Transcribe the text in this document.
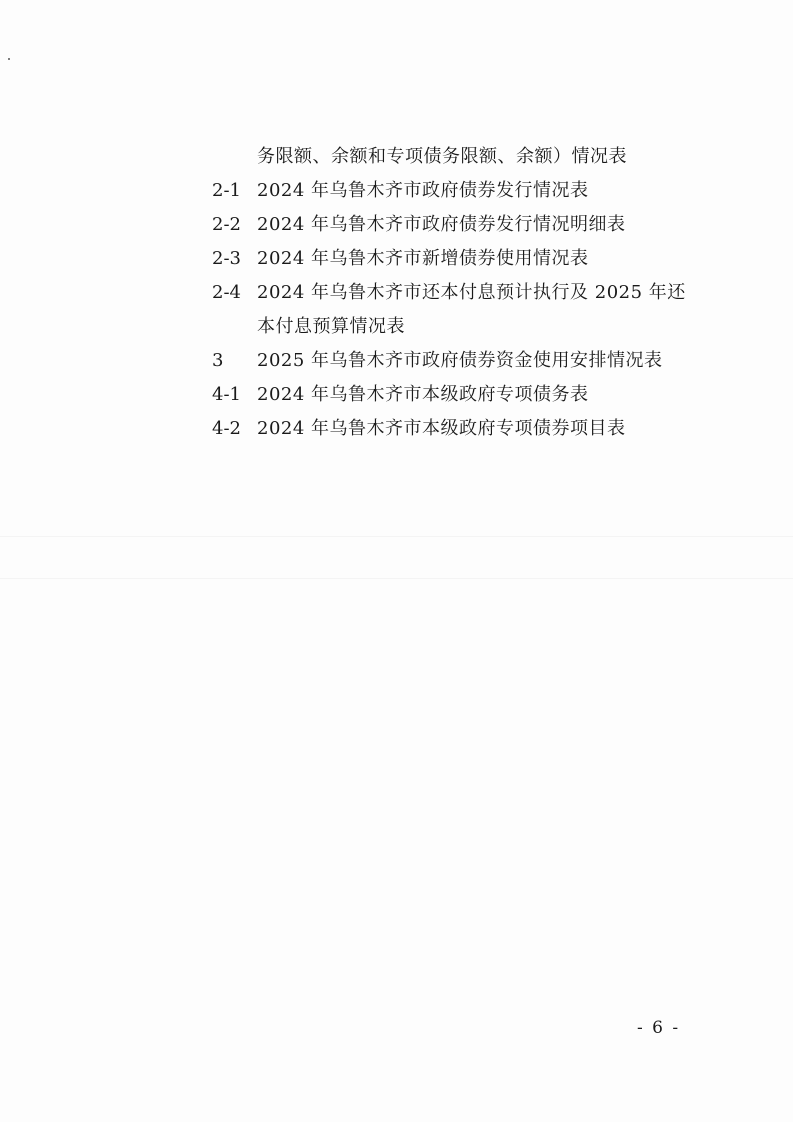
务限额、余额和专项债务限额、余额）情况表
2-1 2024 年乌鲁木齐市政府债券发行情况表
2-2 2024 年乌鲁木齐市政府债券发行情况明细表
2-3 2024 年乌鲁木齐市新增债券使用情况表
2-4 2024 年乌鲁木齐市还本付息预计执行及 2025 年还
本付息预算情况表
3	2025 年乌鲁木齐市政府债券资金使用安排情况表
4-1 2024 年乌鲁木齐市本级政府专项债务表
4-2 2024 年乌鲁木齐市本级政府专项债券项目表
- 6 -
